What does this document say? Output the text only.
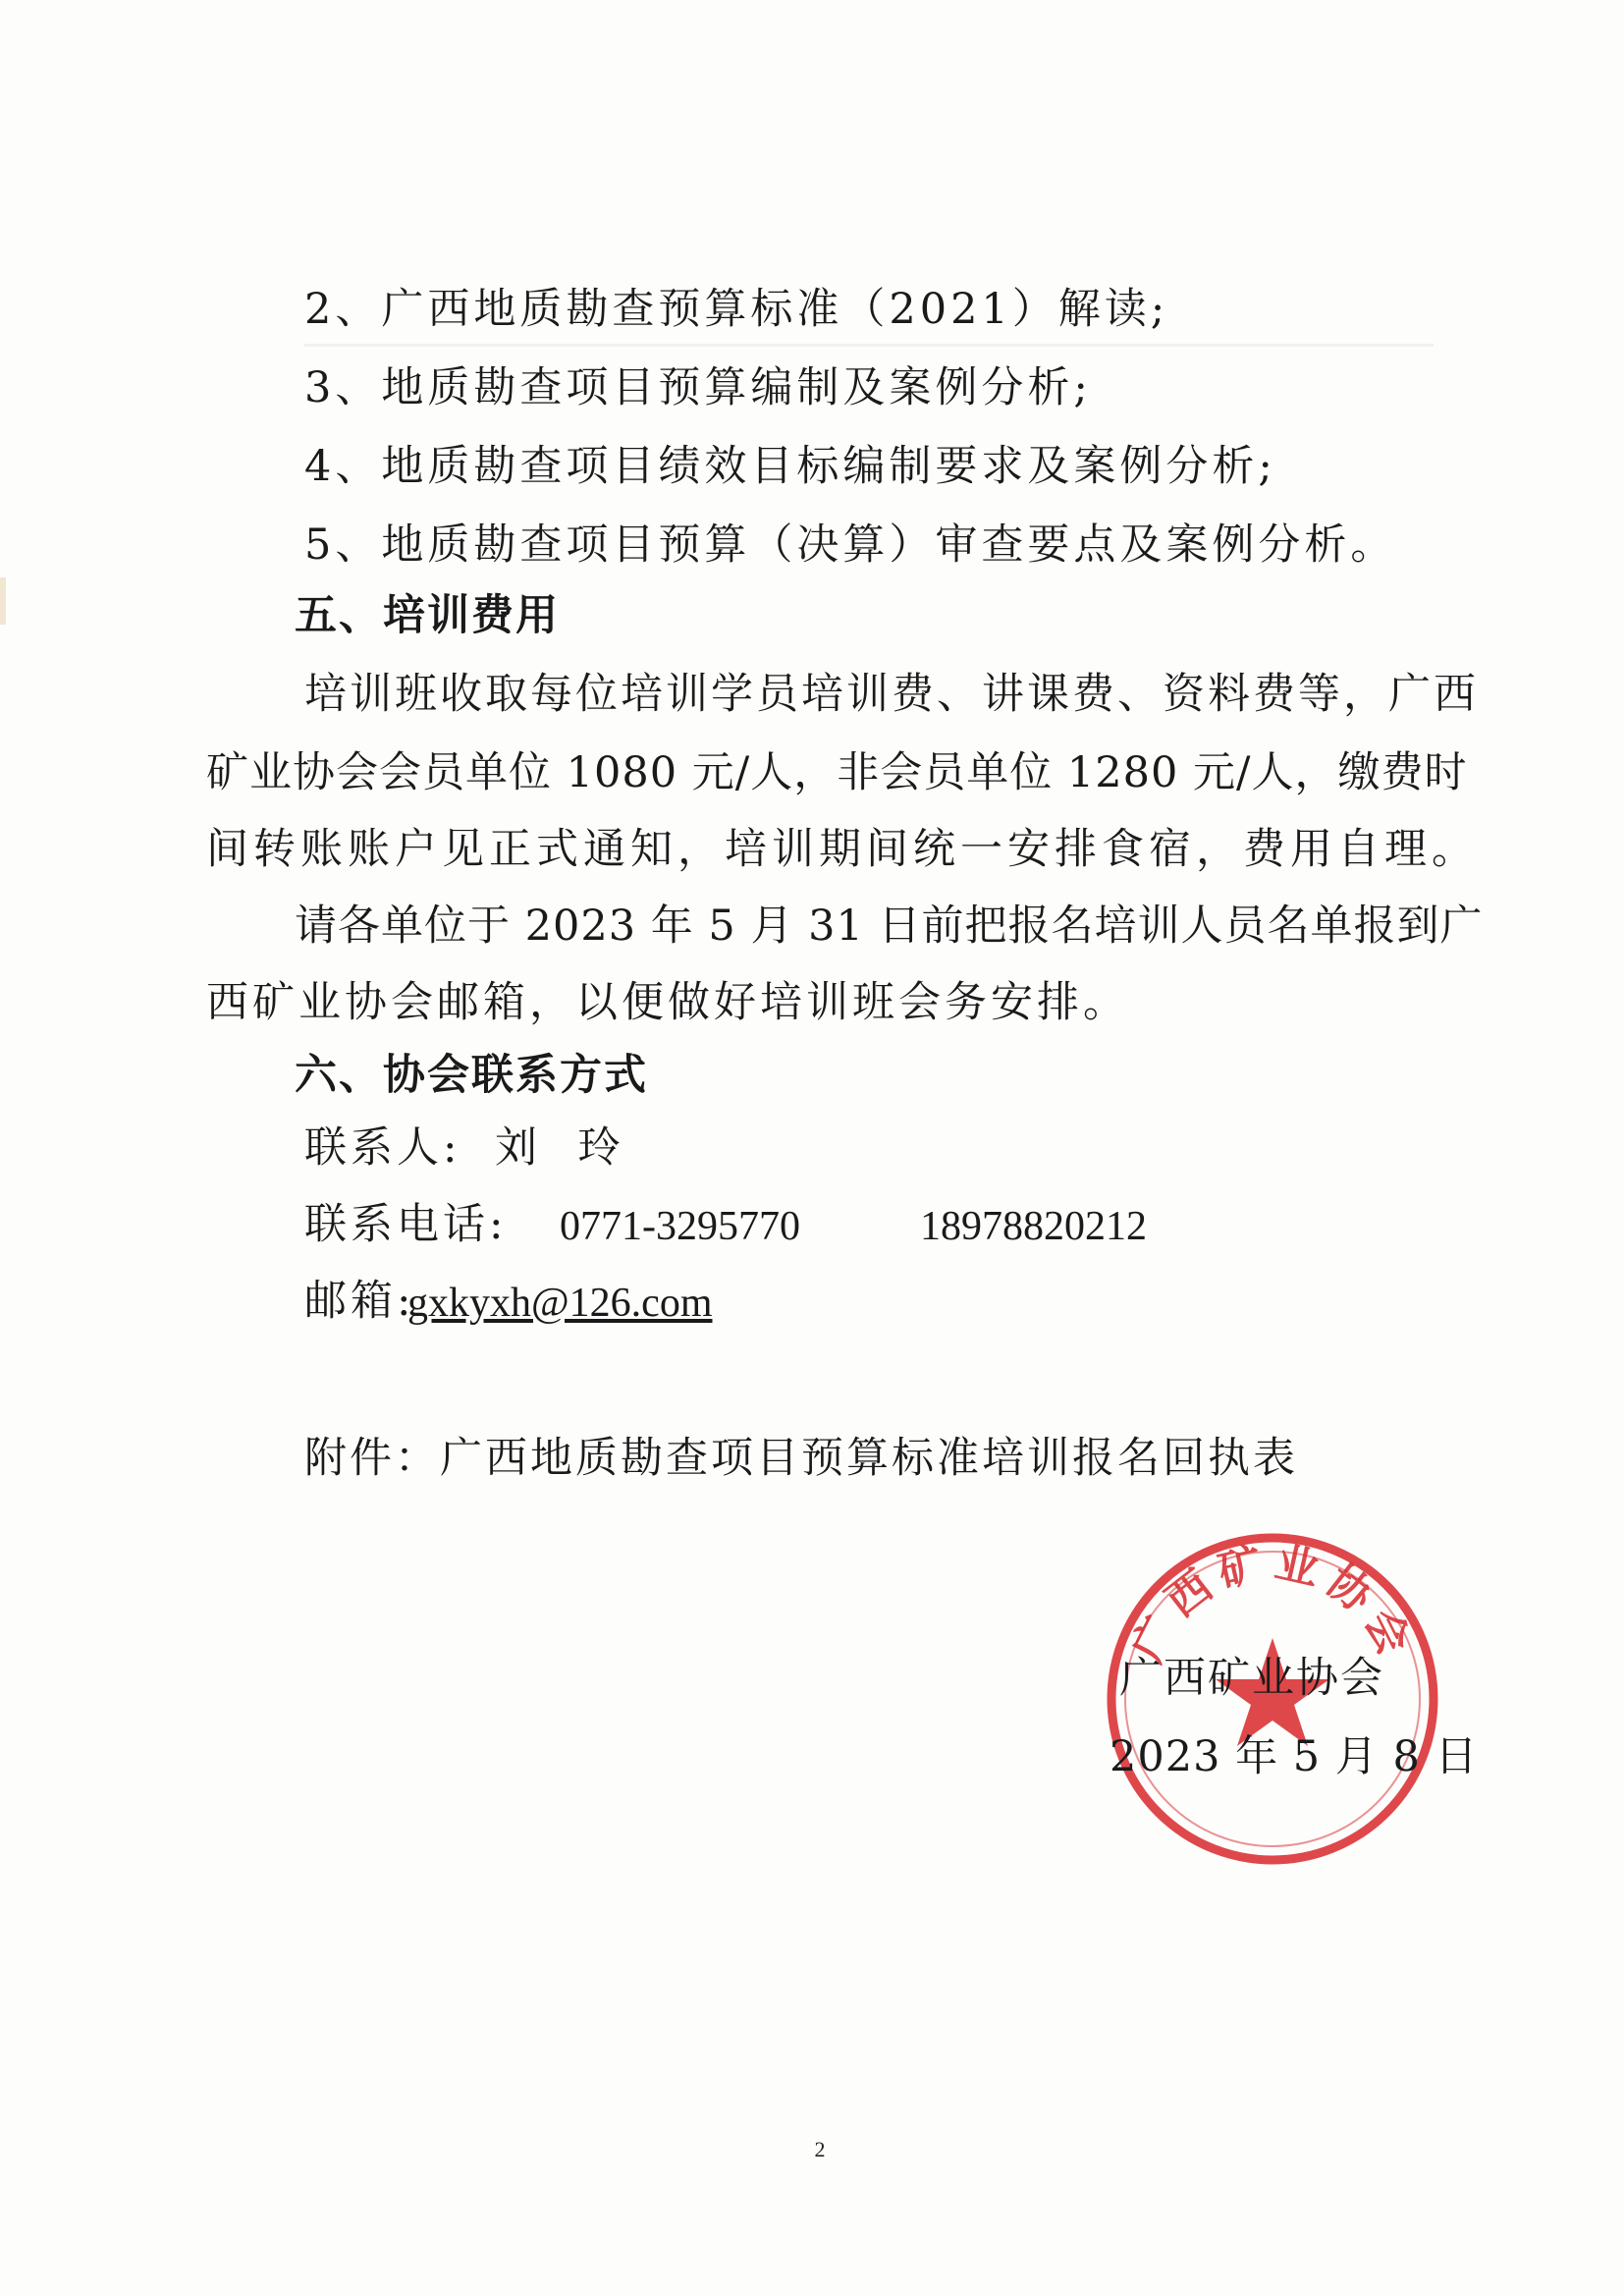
2、广西地质勘查预算标准（2021）解读;
3、地质勘查项目预算编制及案例分析;
4、地质勘查项目绩效目标编制要求及案例分析;
5、地质勘查项目预算（决算）审查要点及案例分析。
五、培训费用
培训班收取每位培训学员培训费、讲课费、资料费等，广西
矿业协会会员单位 1080 元/人，非会员单位 1280 元/人，缴费时
间转账账户见正式通知，培训期间统一安排食宿，费用自理。
请各单位于 2023 年 5 月 31 日前把报名培训人员名单报到广
西矿业协会邮箱，以便做好培训班会务安排。
六、协会联系方式
联系人: 刘 玲
联系电话: 0771-3295770	18978820212
邮箱:
gxkyxh@126.com
附件：广西地质勘查项目预算标准培训报名回执表
广西矿业协会
广西矿业协会
2023 年 5 月 8 日
2
